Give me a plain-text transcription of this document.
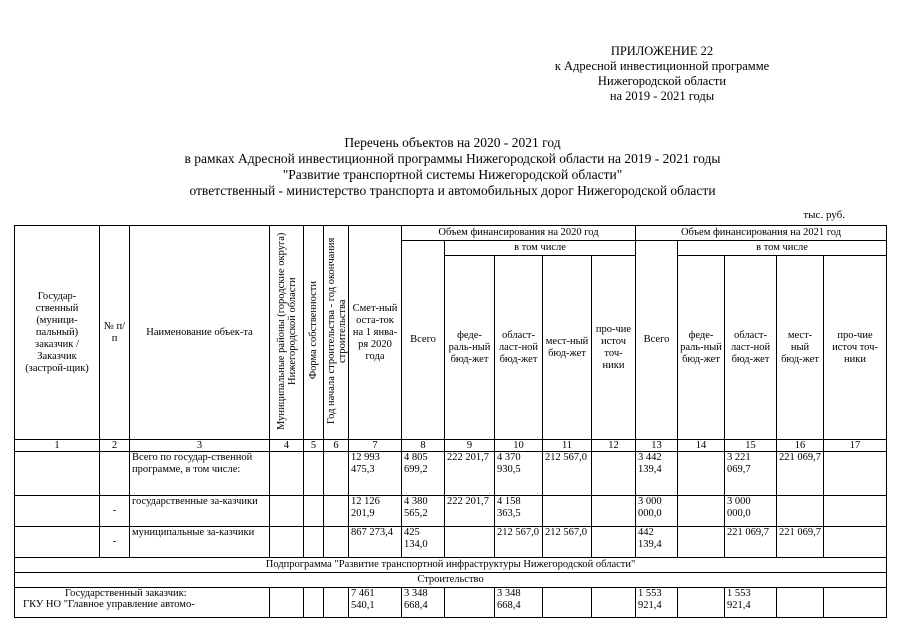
ПРИЛОЖЕНИЕ 22
к Адресной инвестиционной программе
Нижегородской области
на 2019 - 2021 годы
Перечень объектов на 2020 - 2021 год
в рамках Адресной инвестиционной программы Нижегородской области на 2019 - 2021 годы
"Развитие транспортной системы Нижегородской области"
ответственный - министерство транспорта и автомобильных дорог Нижегородской области
тыс. руб.
Государ-ственный (муници-пальный) заказчик / Заказчик (застрой-щик)	№ п/п	Наименование объек-та	Муниципальные районы (городские округа) Нижегородской области	Форма собственности	Год начала строительства - год окончания строительства	Смет-ный оста-ток на 1 янва-ря 2020 года	Объем финансирования на 2020 год					Объем финансирования на 2021 год				
							Всего	в том числе				Всего	в том числе			
								феде-раль-ный бюд-жет	област-ласт-ной бюд-жет	мест-ный бюд-жет	про-чие источ точ-ники		феде-раль-ный бюд-жет	област-ласт-ной бюд-жет	мест-ный бюд-жет	про-чие источ точ-ники
1	2	3	4	5	6	7	8	9	10	11	12	13	14	15	16	17
		Всего по государ-ственной программе, в том числе:				12 993 475,3	4 805 699,2	222 201,7	4 370 930,5	212 567,0		3 442 139,4		3 221 069,7	221 069,7	
	-	государственные за-казчики				12 126 201,9	4 380 565,2	222 201,7	4 158 363,5			3 000 000,0		3 000 000,0		
	-	муниципальные за-казчики				867 273,4	425 134,0		212 567,0	212 567,0		442 139,4		221 069,7	221 069,7	
Подпрограмма "Развитие транспортной инфраструктуры Нижегородской области"																
Строительство																

Государственный заказчик:
ГКУ НО "Главное управление автомо-						7 461 540,1	3 348 668,4		3 348 668,4			1 553 921,4		1 553 921,4		
